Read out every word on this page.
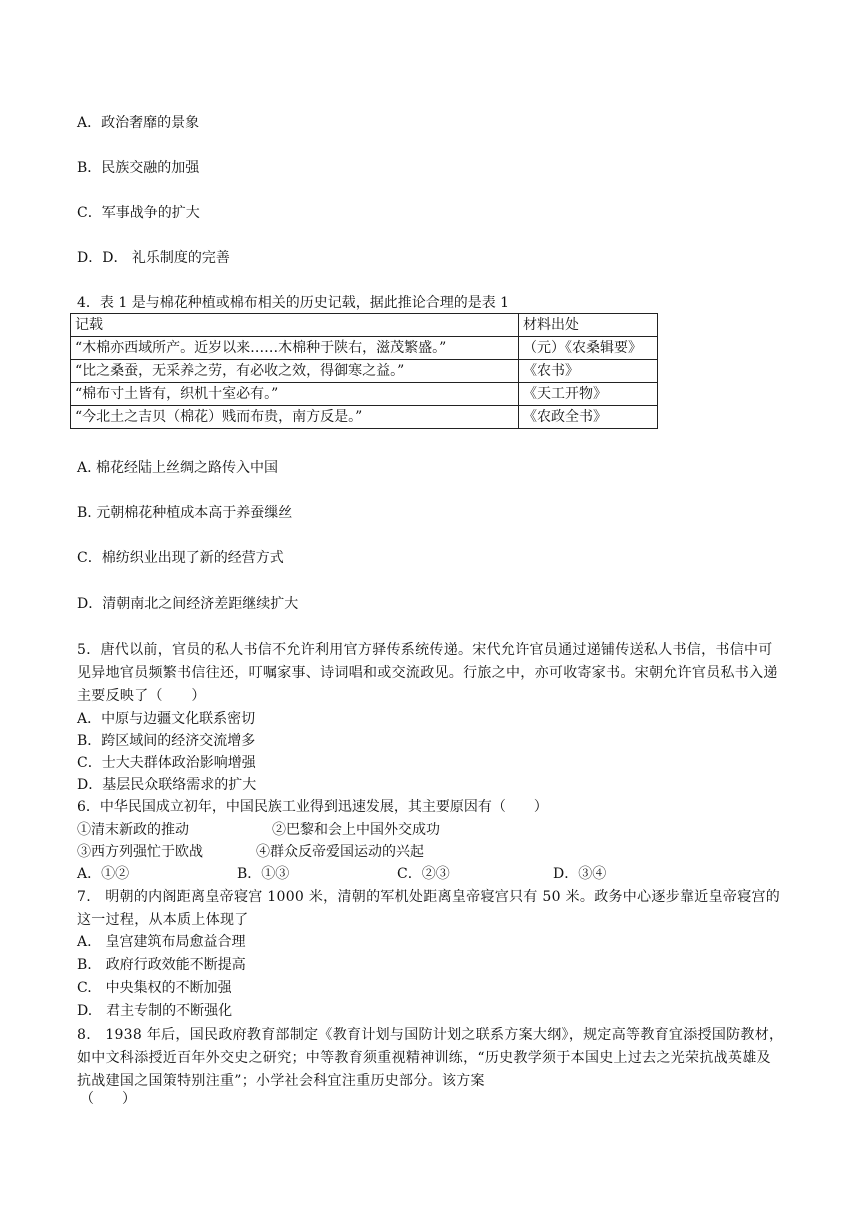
A．政治奢靡的景象
B．民族交融的加强
C．军事战争的扩大
D．D． 礼乐制度的完善
4．表 1 是与棉花种植或棉布相关的历史记载，据此推论合理的是表 1
记载	材料出处
“木棉亦西域所产。近岁以来……木棉种于陕右，滋茂繁盛。”	（元）《农桑辑要》
“比之桑蚕，无采养之劳，有必收之效，得御寒之益。”	《农书》
“棉布寸土皆有，织机十室必有。”	《天工开物》
“今北土之吉贝（棉花）贱而布贵，南方反是。”	《农政全书》
A. 棉花经陆上丝绸之路传入中国
B. 元朝棉花种植成本高于养蚕缫丝
C．棉纺织业出现了新的经营方式
D．清朝南北之间经济差距继续扩大
5．唐代以前，官员的私人书信不允许利用官方驿传系统传递。宋代允许官员通过递铺传送私人书信，书信中可见异地官员频繁书信往还，叮嘱家事、诗词唱和或交流政见。行旅之中，亦可收寄家书。宋朝允许官员私书入递主要反映了（　　）
A．中原与边疆文化联系密切
B．跨区域间的经济交流增多
C．士大夫群体政治影响增强
D．基层民众联络需求的扩大
6．中华民国成立初年，中国民族工业得到迅速发展，其主要原因有（　　）
①清末新政的推动	②巴黎和会上中国外交成功
③西方列强忙于欧战	④群众反帝爱国运动的兴起
A．①②	B．①③	C．②③	D．③④
7.　明朝的内阁距离皇帝寝宫 1000 米，清朝的军机处距离皇帝寝宫只有 50 米。政务中心逐步靠近皇帝寝宫的这一过程，从本质上体现了
A.　皇宫建筑布局愈益合理
B.　政府行政效能不断提高
C.　中央集权的不断加强
D.　君主专制的不断强化
8.　1938 年后，国民政府教育部制定《教育计划与国防计划之联系方案大纲》，规定高等教育宜添授国防教材，如中文科添授近百年外交史之研究；中等教育须重视精神训练，“历史教学须于本国史上过去之光荣抗战英雄及抗战建国之国策特别注重”；小学社会科宜注重历史部分。该方案
（　　）
